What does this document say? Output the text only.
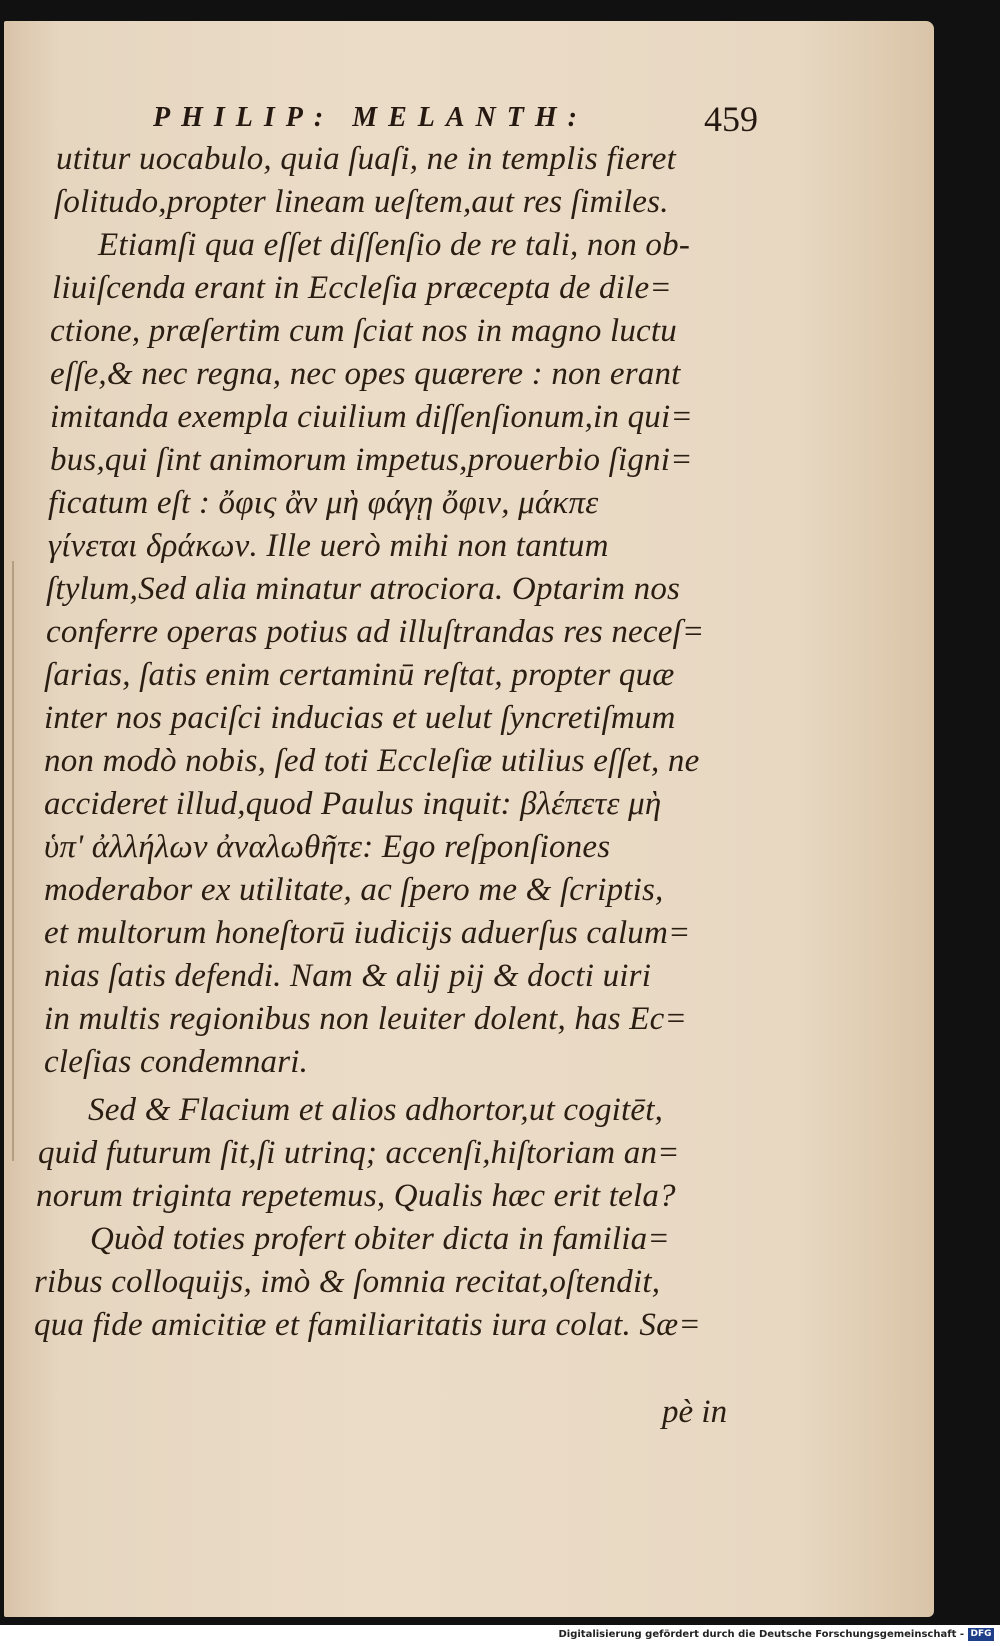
PHILIP: MELANTH:	459
utitur uocabulo, quia ſuaſi, ne in templis fieret
ſolitudo,propter lineam ueſtem,aut res ſimiles.
Etiamſi qua eſſet diſſenſio de re tali, non ob-
liuiſcenda erant in Eccleſia præcepta de dile=
ctione, præſertim cum ſciat nos in magno luctu
eſſe,& nec regna, nec opes quærere : non erant
imitanda exempla ciuilium diſſenſionum,in qui=
bus,qui ſint animorum impetus,prouerbio ſigni=
ficatum eſt : ὄφις ἂν μὴ φάγῃ ὄφιν, μάκπε
γίνεται δράκων. Ille uerò mihi non tantum
ſtylum,Sed alia minatur atrociora. Optarim nos
conferre operas potius ad illuſtrandas res neceſ=
ſarias, ſatis enim certaminū reſtat, propter quæ
inter nos paciſci inducias et uelut ſyncretiſmum
non modò nobis, ſed toti Eccleſiæ utilius eſſet, ne
accideret illud,quod Paulus inquit: βλέπετε μὴ
ὑπ' ἀλλήλων ἀναλωθῆτε: Ego reſponſiones
moderabor ex utilitate, ac ſpero me & ſcriptis,
et multorum honeſtorū iudicijs aduerſus calum=
nias ſatis defendi. Nam & alij pij & docti uiri
in multis regionibus non leuiter dolent, has Ec=
cleſias condemnari.
Sed & Flacium et alios adhortor,ut cogitēt,
quid futurum ſit,ſi utrinq; accenſi,hiſtoriam an=
norum triginta repetemus, Qualis hæc erit tela?
Quòd toties profert obiter dicta in familia=
ribus colloquijs, imò & ſomnia recitat,oſtendit,
qua fide amicitiæ et familiaritatis iura colat. Sæ=
pè in
Digitalisierung gefördert durch die Deutsche Forschungsgemeinschaft - DFG
